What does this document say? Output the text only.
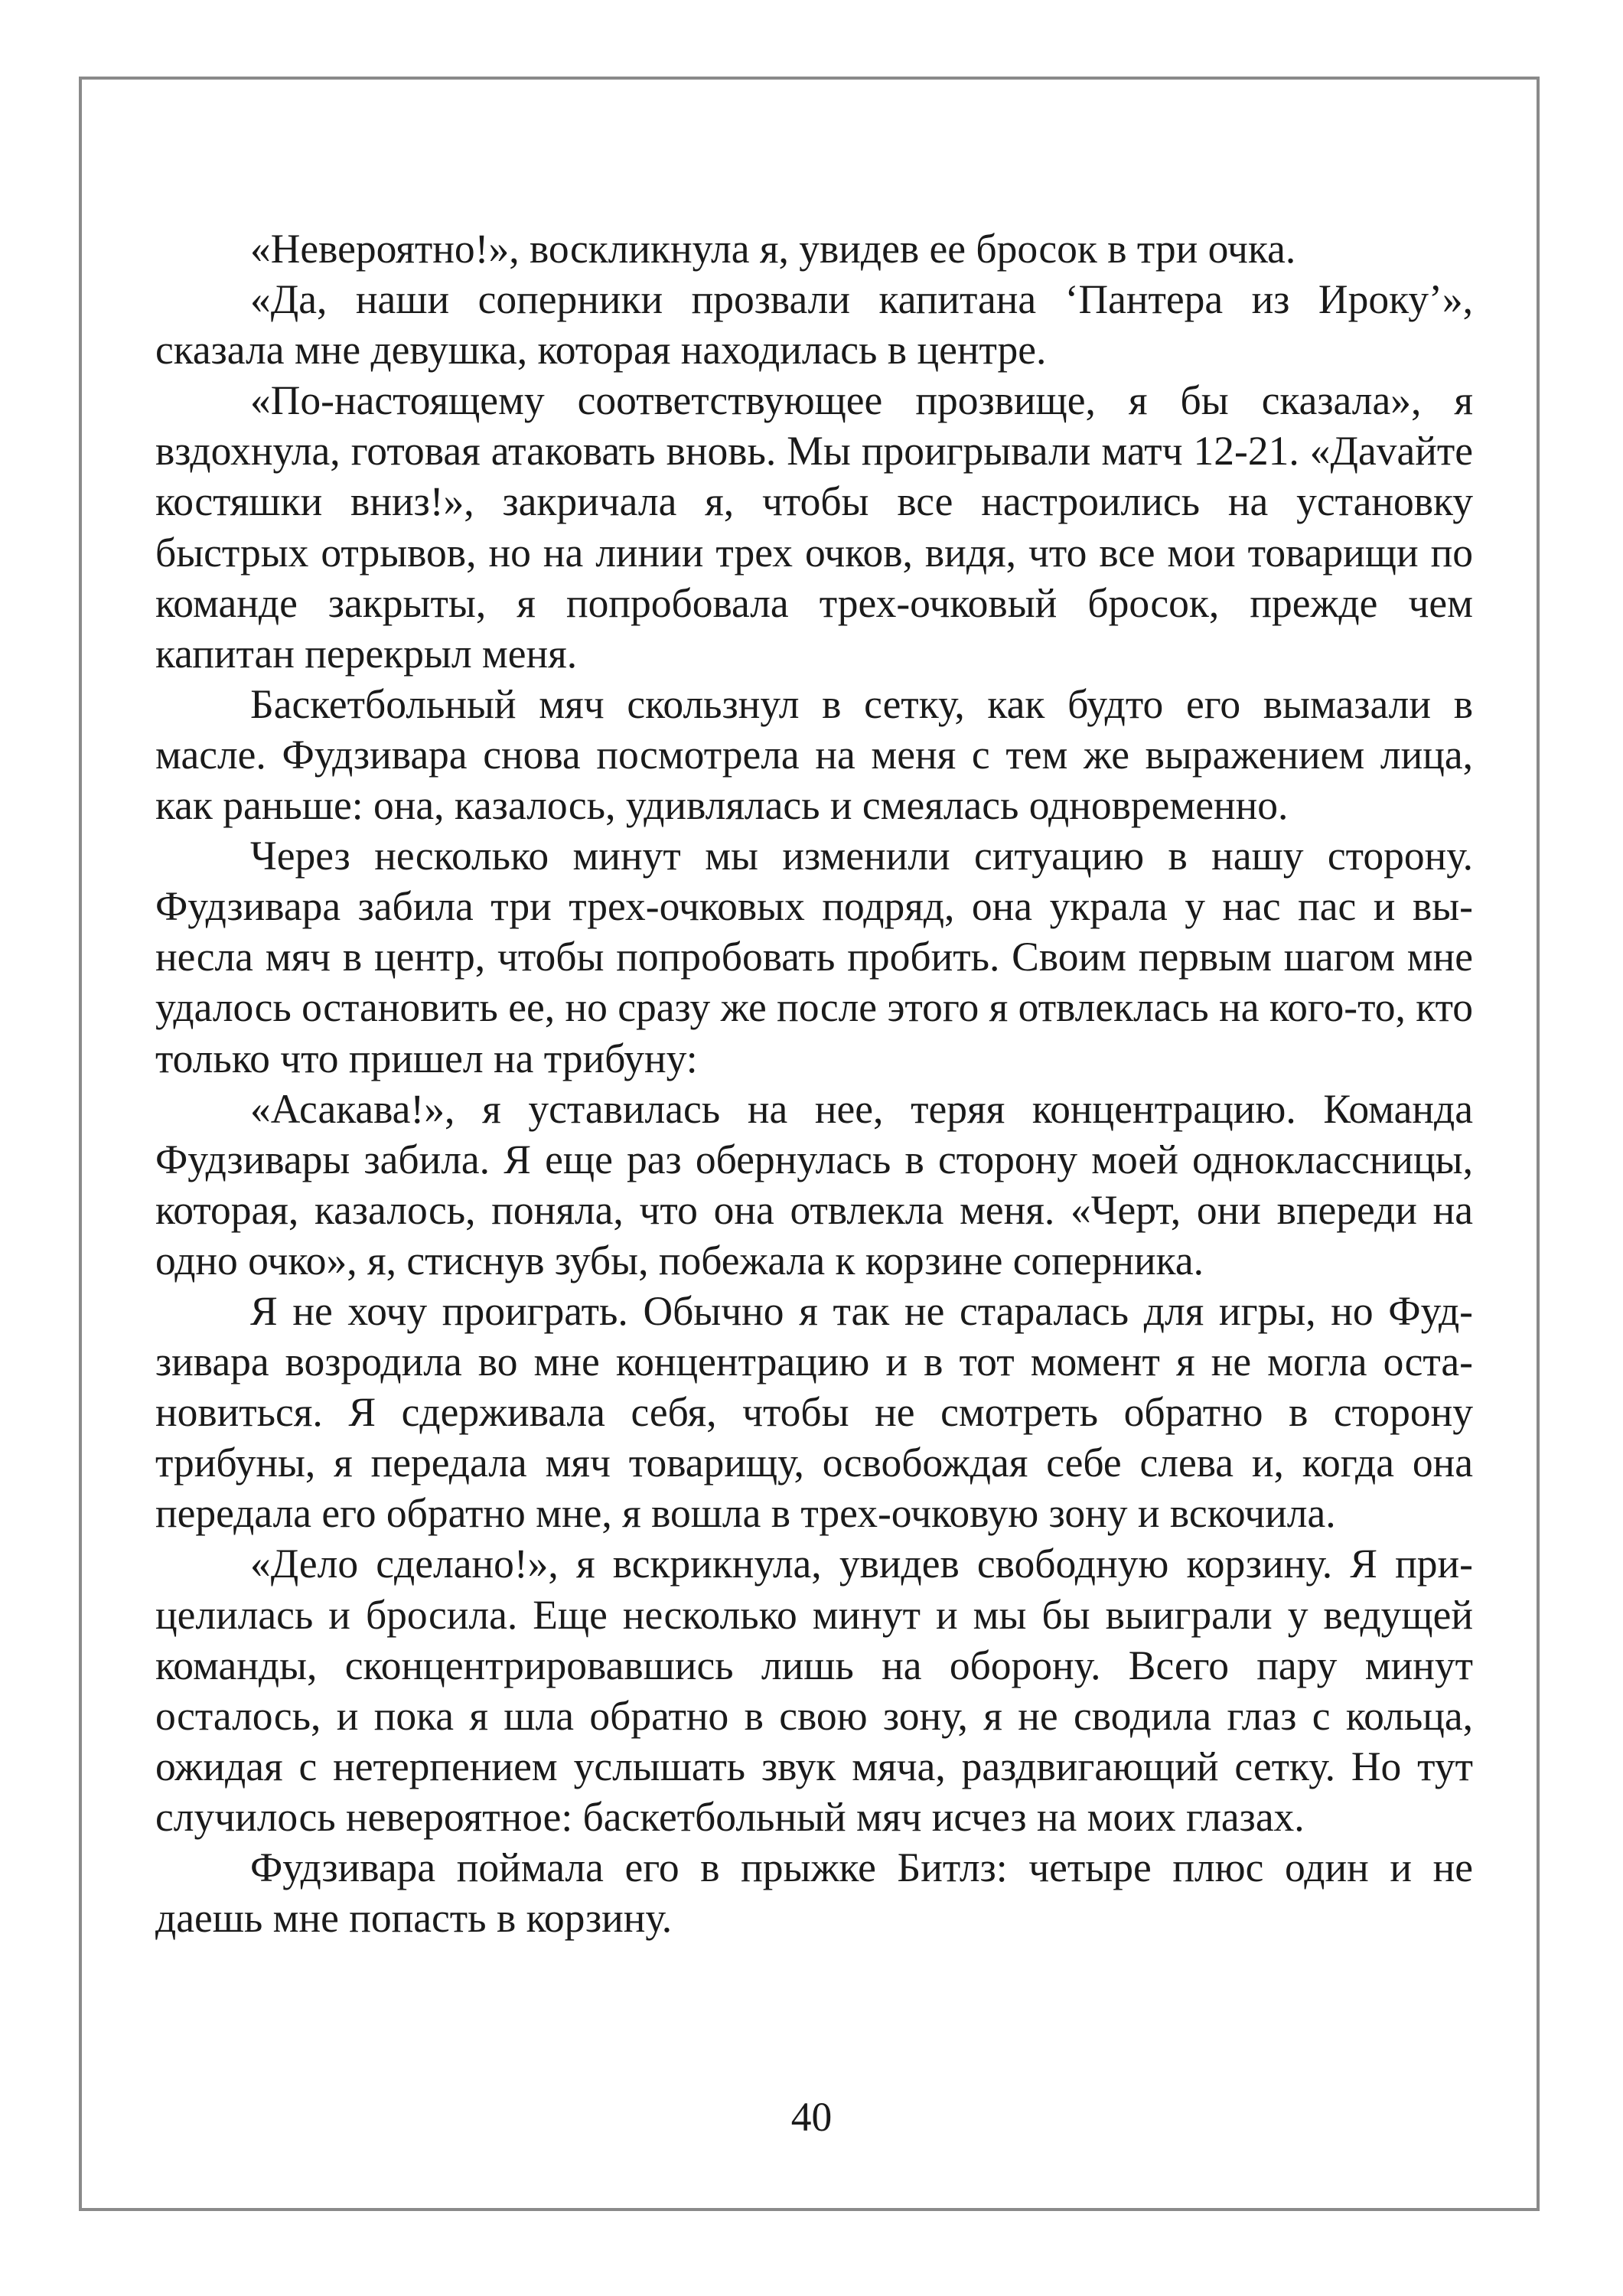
«Невероятно!», воскликнула я, увидев ее бросок в три очка.

«Да, наши соперники прозвали капитана ‘Пантера из Ироку’», сказала мне девушка, которая находилась в центре.

«По-настоящему соответствующее прозвище, я бы сказала», я вздохнула, готовая атаковать вновь. Мы проигрывали матч 12-21. «Даvайте костяшки вниз!», закричала я, чтобы все настроились на установку быстрых отрывов, но на линии трех очков, видя, что все мои товарищи по команде закрыты, я попробовала трех-очковый бросок, прежде чем капитан перекрыл меня.

Баскетбольный мяч скользнул в сетку, как будто его вымазали в масле. Фудзивара снова посмотрела на меня с тем же выражением лица, как раньше: она, казалось, удивлялась и смеялась одновременно.

Через несколько минут мы изменили ситуацию в нашу сторону. Фудзивара забила три трех-очковых подряд, она украла у нас пас и вынесла мяч в центр, чтобы попробовать пробить. Своим первым шагом мне удалось остановить ее, но сразу же после этого я отвлеклась на кого-то, кто только что пришел на трибуну:

«Асакава!», я уставилась на нее, теряя концентрацию. Команда Фудзивары забила. Я еще раз обернулась в сторону моей одноклассницы, которая, казалось, поняла, что она отвлекла меня. «Черт, они впереди на одно очко», я, стиснув зубы, побежала к корзине соперника.

Я не хочу проиграть. Обычно я так не старалась для игры, но Фудзивара возродила во мне концентрацию и в тот момент я не могла остановиться. Я сдерживала себя, чтобы не смотреть обратно в сторону трибуны, я передала мяч товарищу, освобождая себе слева и, когда она передала его обратно мне, я вошла в трех-очковую зону и вскочила.

«Дело сделано!», я вскрикнула, увидев свободную корзину. Я прицелилась и бросила. Еще несколько минут и мы бы выиграли у ведущей команды, сконцентрировавшись лишь на оборону. Всего пару минут осталось, и пока я шла обратно в свою зону, я не сводила глаз с кольца, ожидая с нетерпением услышать звук мяча, раздвигающий сетку. Но тут случилось невероятное: баскетбольный мяч исчез на моих глазах.

Фудзивара поймала его в прыжке Битлз: четыре плюс один и не даешь мне попасть в корзину.

40
